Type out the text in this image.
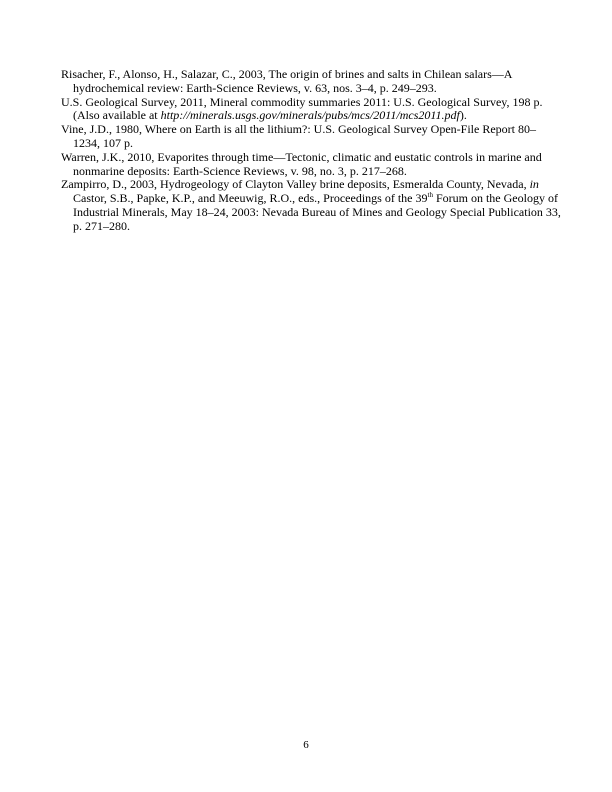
Risacher, F., Alonso, H., Salazar, C., 2003, The origin of brines and salts in Chilean salars—A hydrochemical review: Earth-Science Reviews, v. 63, nos. 3–4, p. 249–293.

U.S. Geological Survey, 2011, Mineral commodity summaries 2011: U.S. Geological Survey, 198 p. (Also available at http://minerals.usgs.gov/minerals/pubs/mcs/2011/mcs2011.pdf).

Vine, J.D., 1980, Where on Earth is all the lithium?: U.S. Geological Survey Open-File Report 80–1234, 107 p.

Warren, J.K., 2010, Evaporites through time—Tectonic, climatic and eustatic controls in marine and nonmarine deposits: Earth-Science Reviews, v. 98, no. 3, p. 217–268.

Zampirro, D., 2003, Hydrogeology of Clayton Valley brine deposits, Esmeralda County, Nevada, in Castor, S.B., Papke, K.P., and Meeuwig, R.O., eds., Proceedings of the 39th Forum on the Geology of Industrial Minerals, May 18–24, 2003: Nevada Bureau of Mines and Geology Special Publication 33, p. 271–280.

6
